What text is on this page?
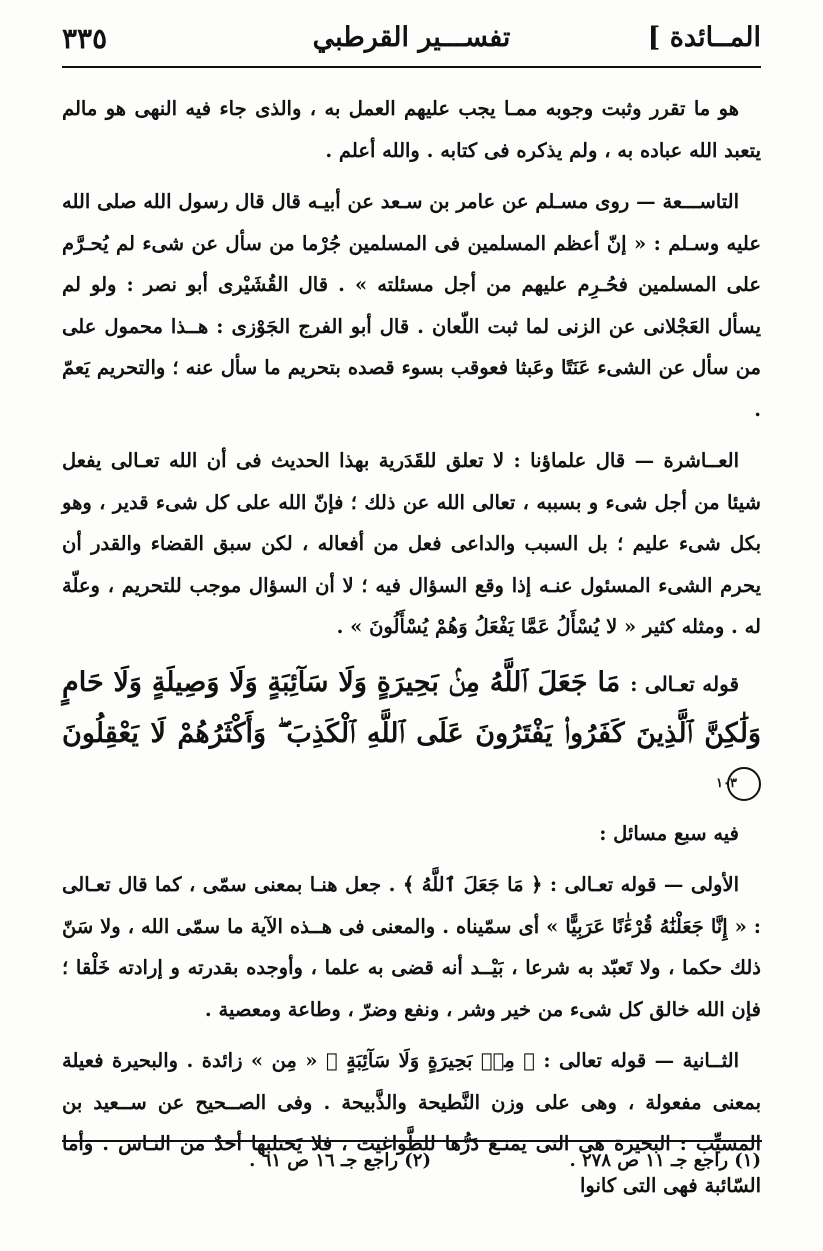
المــائدة ]
تفســـير القرطبي
٣٣٥

هو ما تقرر وثبت وجوبه ممـا يجب عليهم العمل به ، والذى جاء فيه النهى هو مالم يتعبد الله عباده به ، ولم يذكره فى كتابه . والله أعلم .

التاســـعة — روى مسـلم عن عامر بن سـعد عن أبيـه قال قال رسول الله صلى الله عليه وسـلم : « إنّ أعظم المسلمين فى المسلمين جُرْما من سأل عن شىء لم يُحـرَّم على المسلمين فحُـرِم عليهم من أجل مسئلته » . قال القُشَيْرى أبو نصر : ولو لم يسأل العَجْلانى عن الزنى لما ثبت اللّعان . قال أبو الفرج الجَوْزى : هــذا محمول على من سأل عن الشىء عَنَتًا وعَبثا فعوقب بسوء قصده بتحريم ما سأل عنه ؛ والتحريم يَعمّ .

العــاشرة — قال علماؤنا : لا تعلق للقَدَرية بهذا الحديث فى أن الله تعـالى يفعل شيئا من أجل شىء و بسببه ، تعالى الله عن ذلك ؛ فإنّ الله على كل شىء قدير ، وهو بكل شىء عليم ؛ بل السبب والداعى فعل من أفعاله ، لكن سبق القضاء والقدر أن يحرم الشىء المسئول عنـه إذا وقع السؤال فيه ؛ لا أن السؤال موجب للتحريم ، وعلّة له . ومثله كثير « لا يُسْأَلُ عَمَّا يَفْعَلُ وَهُمْ يُسْأَلُونَ » .

قوله تعـالى : مَا جَعَلَ ٱللَّهُ مِنۢ بَحِيرَةٍ وَلَا سَآئِبَةٍ وَلَا وَصِيلَةٍ وَلَا حَامٍ وَلَٰكِنَّ ٱلَّذِينَ كَفَرُوا۟ يَفْتَرُونَ عَلَى ٱللَّهِ ٱلْكَذِبَ ۖ وَأَكْثَرُهُمْ لَا يَعْقِلُونَ ١٠٣

فيه سبع مسائل :

الأولى — قوله تعـالى : ﴿ مَا جَعَلَ ٱللَّهُ ﴾ . جعل هنـا بمعنى سمّى ، كما قال تعـالى : « إِنَّا جَعَلْنَٰهُ قُرْءَٰنًا عَرَبِيًّا » أى سمّيناه . والمعنى فى هــذه الآية ما سمّى الله ، ولا سَنّ ذلك حكما ، ولا تَعبّد به شرعا ، بَيْــد أنه قضى به علما ، وأوجده بقدرته و إرادته خَلْقا ؛ فإن الله خالق كل شىء من خير وشر ، ونفع وضرّ ، وطاعة ومعصية .

الثــانية — قوله تعالى : ﴿ مِنۢ بَحِيرَةٍ وَلَا سَآئِبَةٍ ﴾ « مِن » زائدة . والبحيرة فعيلة بمعنى مفعولة ، وهى على وزن النَّطيحة والذَّبيحة . وفى الصــحيح عن ســعيد بن المسيِّب : البحيرة هى التى يمنـع دَرُّها للطَّواغيت ، فلا يَحتلبها أحدٌ من النـاس . وأما السّائبة فهى التى كانوا

(١) راجع جـ ١١ ص ٢٧٨ .
(٢) راجع جـ ١٦ ص ٦١ .
